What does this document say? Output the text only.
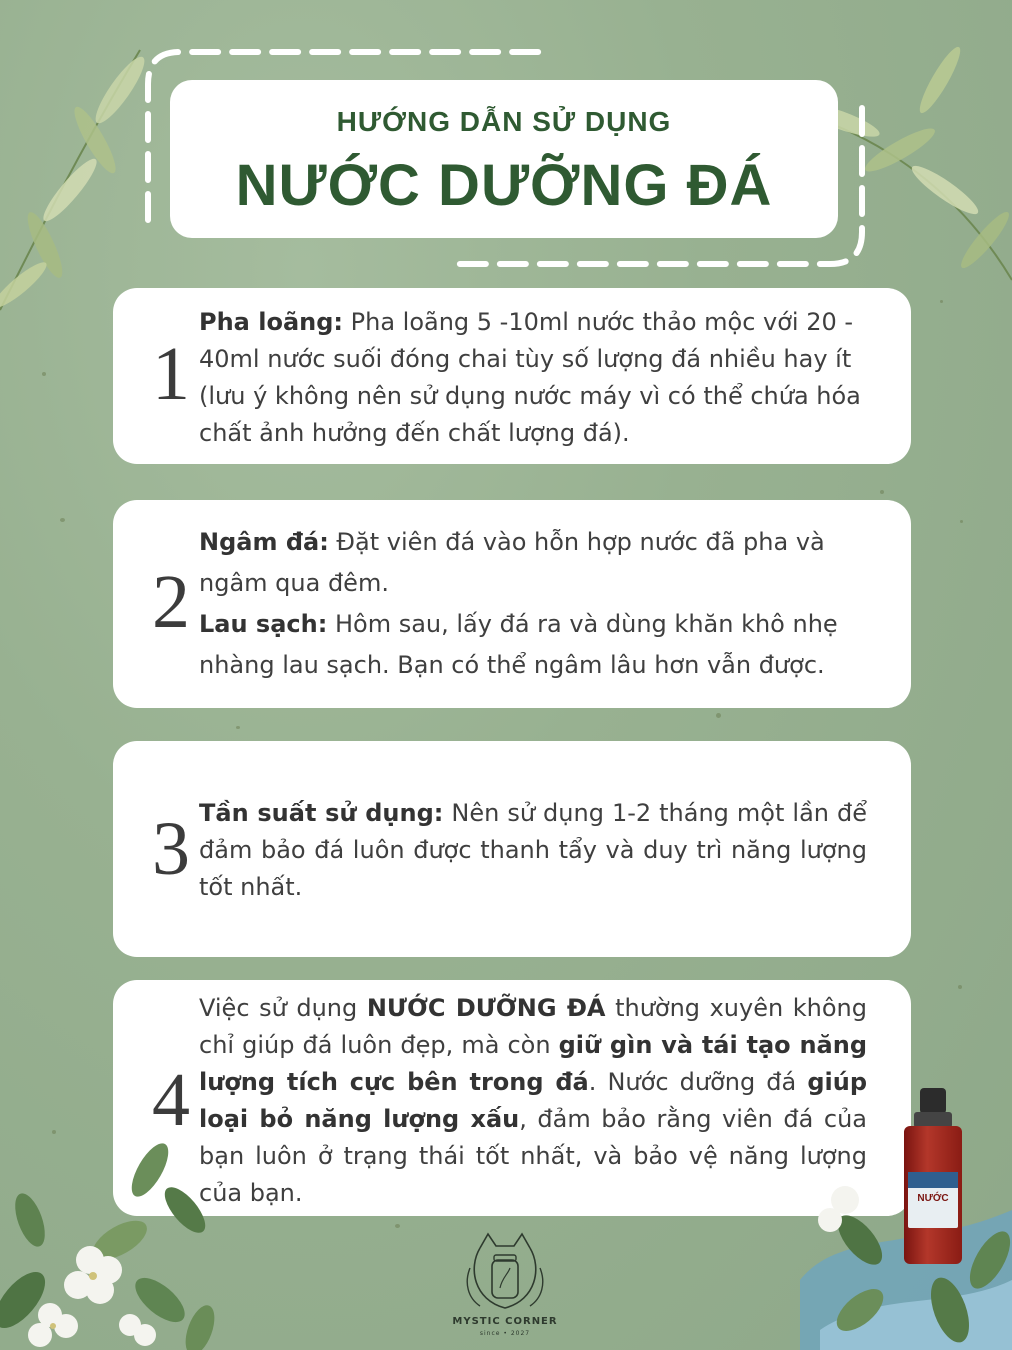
HƯỚNG DẪN SỬ DỤNG
NƯỚC DƯỠNG ĐÁ
1
Pha loãng: Pha loãng 5 -10ml nước thảo mộc với 20 - 40ml nước suối đóng chai tùy số lượng đá nhiều hay ít (lưu ý không nên sử dụng nước máy vì có thể chứa hóa chất ảnh hưởng đến chất lượng đá).
2
Ngâm đá: Đặt viên đá vào hỗn hợp nước đã pha và ngâm qua đêm.
Lau sạch: Hôm sau, lấy đá ra và dùng khăn khô nhẹ nhàng lau sạch. Bạn có thể ngâm lâu hơn vẫn được.
3 Tần suất sử dụng: Nên sử dụng 1-2 tháng một lần để đảm bảo đá luôn được thanh tẩy và duy trì năng lượng tốt nhất.
4
Việc sử dụng NƯỚC DƯỠNG ĐÁ thường xuyên không chỉ giúp đá luôn đẹp, mà còn giữ gìn và tái tạo năng lượng tích cực bên trong đá. Nước dưỡng đá giúp loại bỏ năng lượng xấu, đảm bảo rằng viên đá của bạn luôn ở trạng thái tốt nhất, và bảo vệ năng lượng của bạn.	NƯỚC
MYSTIC CORNER
since • 2027
